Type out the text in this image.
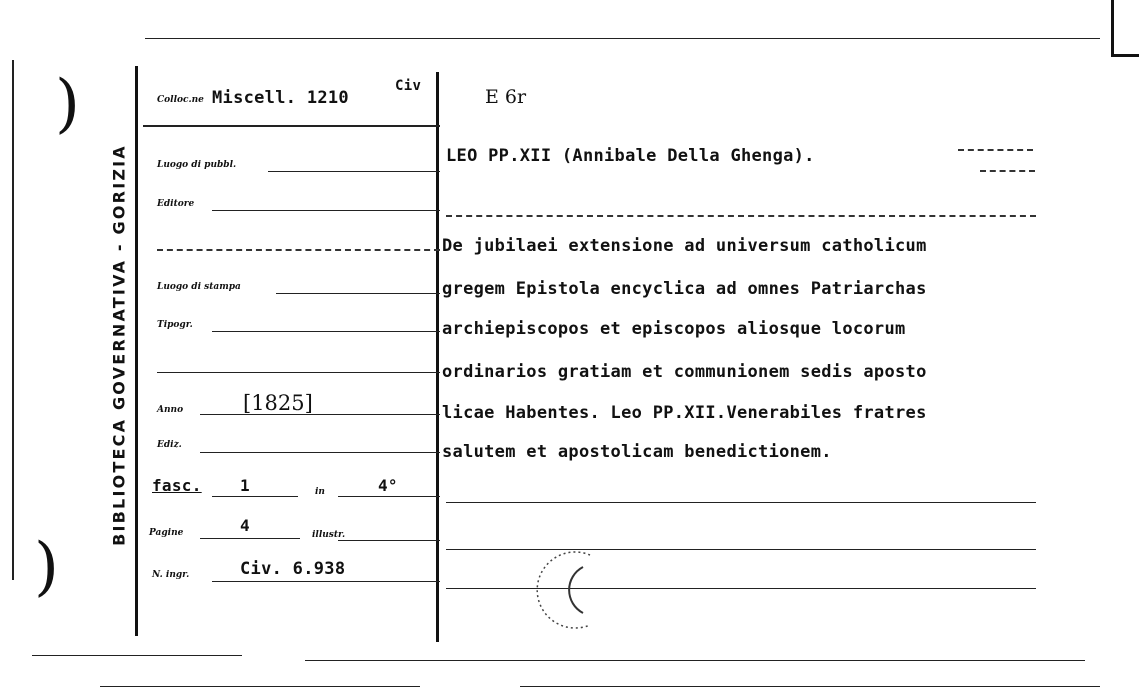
)
)
BIBLIOTECA GOVERNATIVA - GORIZIA
Colloc.ne Miscell. 1210
Civ
Luogo di pubbl.
Editore
Luogo di stampa
Tipogr.
Anno	[1825]
Ediz.
fasc. 1	in	4°
Pagine	4	illustr.
N. ingr.	Civ. 6.938
E 6r
LEO PP.XII (Annibale Della Ghenga).
De jubilaei extensione ad universum catholicum
gregem Epistola encyclica ad omnes Patriarchas
archiepiscopos et episcopos aliosque locorum
ordinarios gratiam et communionem sedis aposto
licae Habentes. Leo PP.XII.Venerabiles fratres
salutem et apostolicam benedictionem.
